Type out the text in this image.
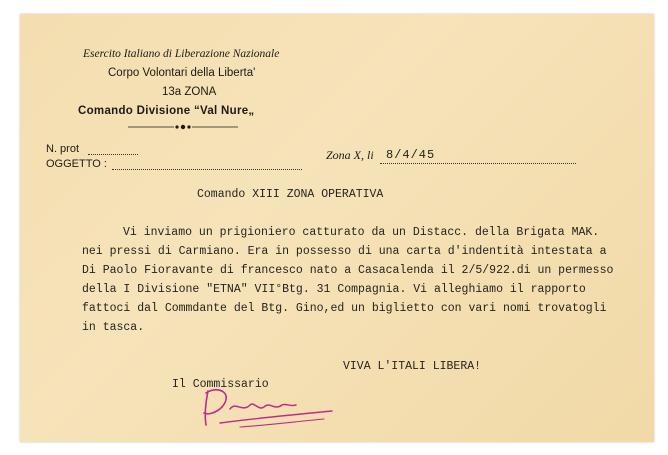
Esercito Italiano di Liberazione Nazionale
Corpo Volontari della Liberta'
13a ZONA
Comando Divisione “Val Nure„
N. prot
OGGETTO :
Zona X, li 8/4/45
Comando XIII ZONA OPERATIVA
Vi inviamo un prigioniero catturato da un Distacc. della Brigata MAK.
nei pressi di Carmiano. Era in possesso di una carta d'indentità intestata a
Di Paolo Fioravante di francesco nato a Casacalenda il 2/5/922.di un permesso
della I Divisione "ETNA" VII°Btg. 31 Compagnia. Vi alleghiamo il rapporto
fattoci dal Commdante del Btg. Gino,ed un biglietto con vari nomi trovatogli
in tasca.
VIVA L'ITALI LIBERA!
Il Commissario
